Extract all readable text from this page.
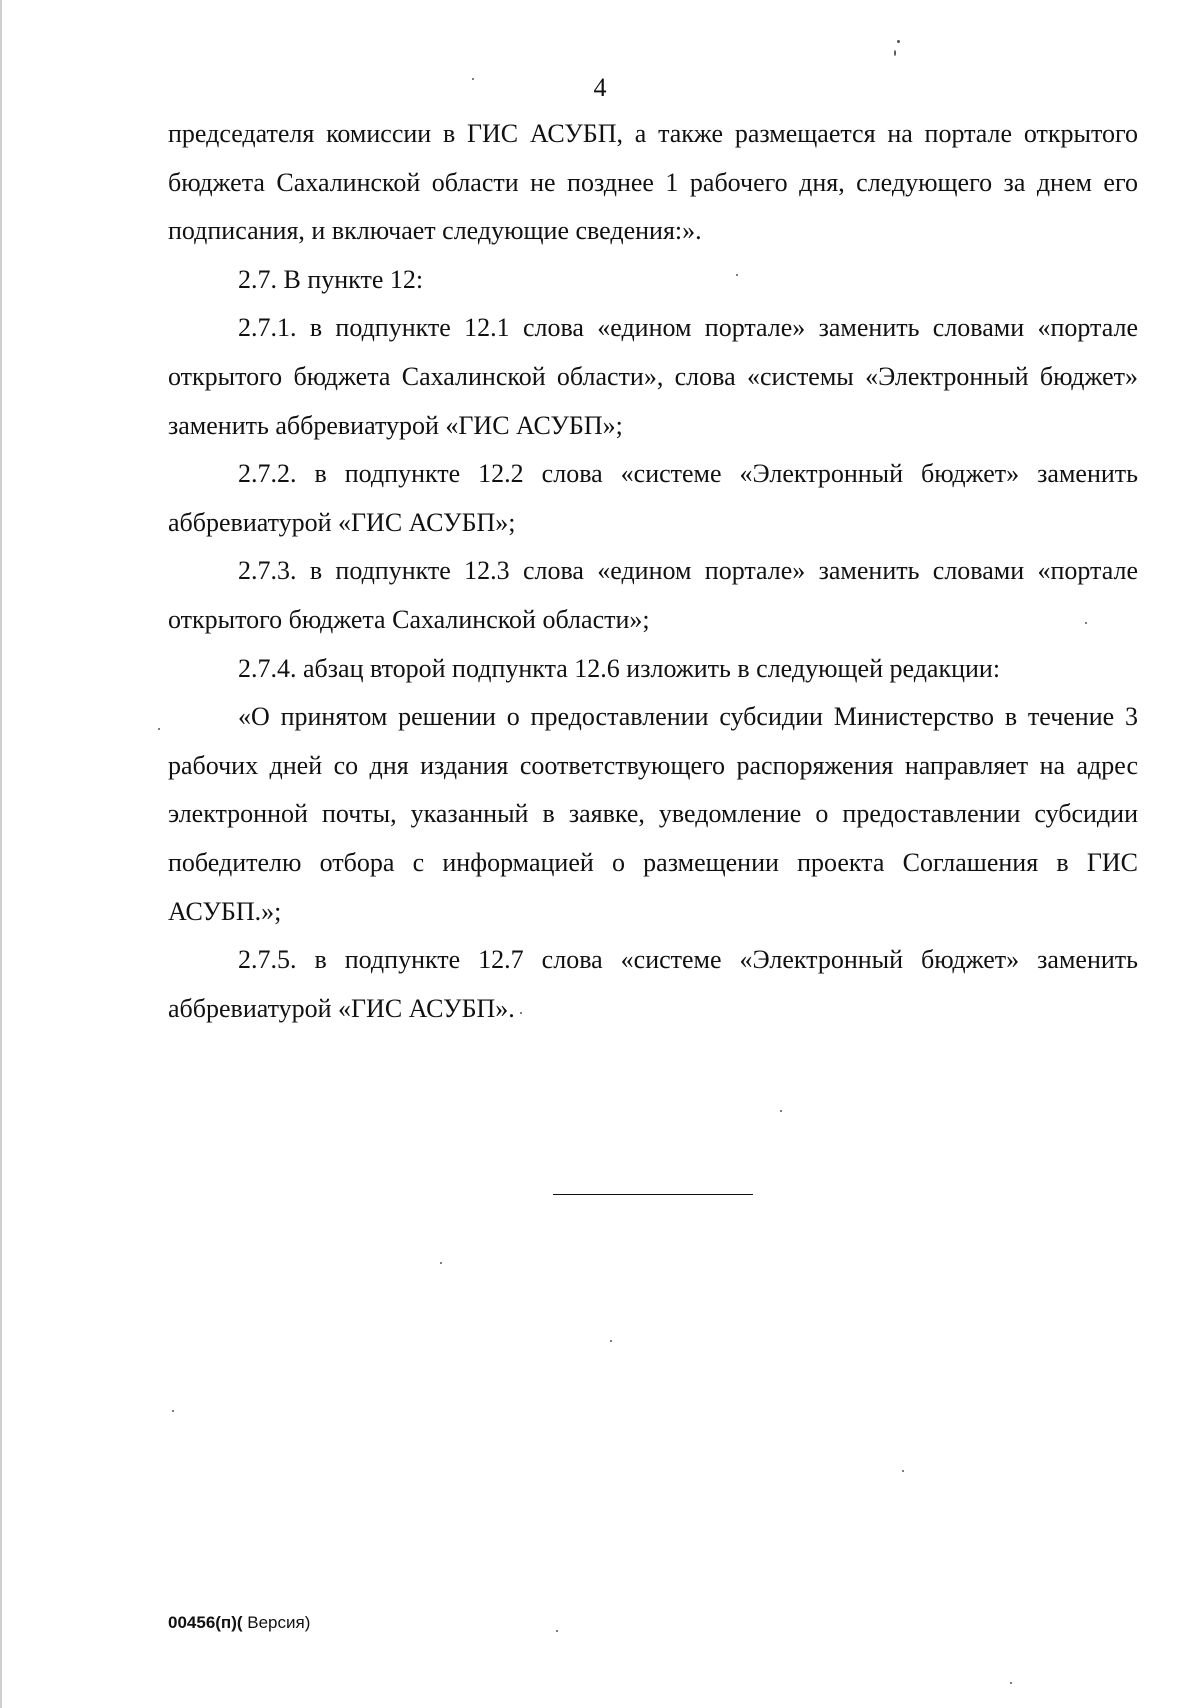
4

председателя комиссии в ГИС АСУБП, а также размещается на портале открытого бюджета Сахалинской области не позднее 1 рабочего дня, следующего за днем его подписания, и включает следующие сведения:».

2.7. В пункте 12:

2.7.1. в подпункте 12.1 слова «едином портале» заменить словами «портале открытого бюджета Сахалинской области», слова «системы «Электронный бюджет» заменить аббревиатурой «ГИС АСУБП»;

2.7.2. в подпункте 12.2 слова «системе «Электронный бюджет» заменить аббревиатурой «ГИС АСУБП»;

2.7.3. в подпункте 12.3 слова «едином портале» заменить словами «портале открытого бюджета Сахалинской области»;

2.7.4. абзац второй подпункта 12.6 изложить в следующей редакции:

«О принятом решении о предоставлении субсидии Министерство в течение 3 рабочих дней со дня издания соответствующего распоряжения направляет на адрес электронной почты, указанный в заявке, уведомление о предоставлении субсидии победителю отбора с информацией о размещении проекта Соглашения в ГИС АСУБП.»;

2.7.5. в подпункте 12.7 слова «системе «Электронный бюджет» заменить аббревиатурой «ГИС АСУБП».

00456(п)( Версия)
